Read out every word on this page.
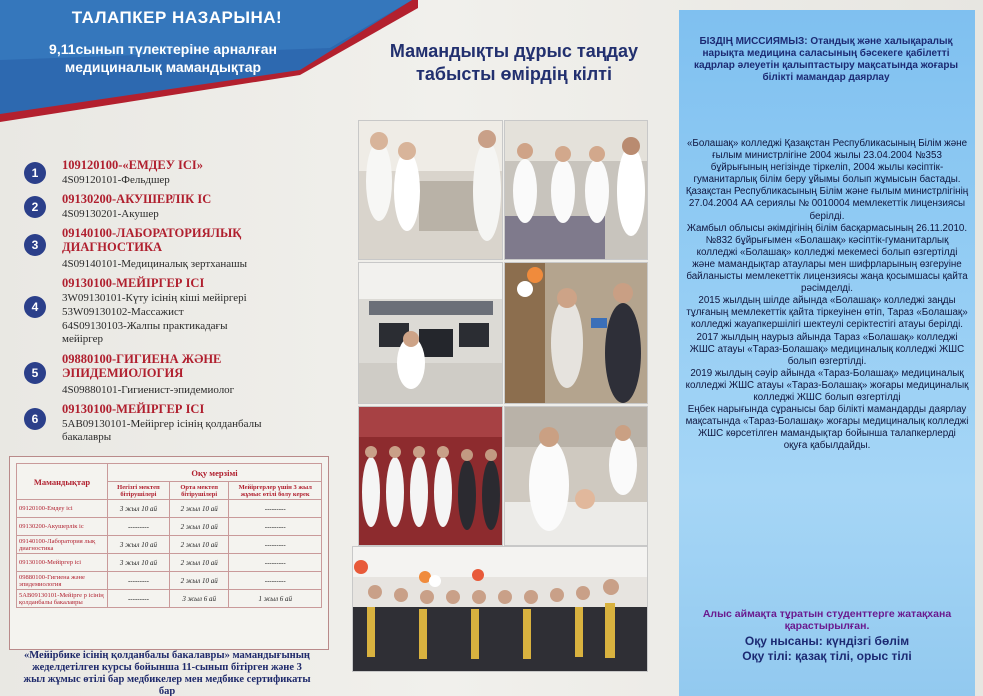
ТАЛАПКЕР НАЗАРЫНА!
9,11сынып түлектеріне арналған медициналық мамандықтар
1
109120100-«ЕМДЕУ ІСІ»
4S09120101-Фельдшер
2
09130200-АКУШЕРЛІК ІС
4S09130201-Акушер
3
09140100-ЛАБОРАТОРИЯЛЫҚ ДИАГНОСТИКА
4S09140101-Медициналық зертханашы
4
09130100-МЕЙІРГЕР ІСІ
3W09130101-Күту ісінің кіші мейіргері
53W09130102-Массажист
64S09130103-Жалпы практикадағы мейіргер
5
09880100-ГИГИЕНА ЖӘНЕ ЭПИДЕМИОЛОГИЯ
4S09880101-Гигиенист-эпидемиолог
6
09130100-МЕЙІРГЕР ІСІ
5AB09130101-Мейіргер ісінің қолданбалы бакалавры
Мамандықтар	Оқу мерзімі		
	Негізгі мектеп бітірушілері	Орта мектеп бітірушілері	Мейіргерлер үшін 3 жыл жұмыс өтілі болу керек
09120100-Емдеу ісі	3 жыл 10 ай	2 жыл 10 ай	---------
09130200-Акушерлік іс	---------	2 жыл 10 ай	---------
09140100-Лаборатория лық диагностика	3 жыл 10 ай	2 жыл 10 ай	---------
09130100-Мейіргер ісі	3 жыл 10 ай	2 жыл 10 ай	---------
09880100-Гигиена және эпидемиология	---------	2 жыл 10 ай	---------
5AB09130101-Мейірге р ісінің қолданбалы бакалавры	---------	3 жыл 6 ай	1 жыл 6 ай
«Мейірбике ісінің қолданбалы бакалавры» мамандығының жеделдетілген курсы бойынша 11-сынып бітірген және 3 жыл жұмыс өтілі бар медбикелер мен медбике сертификаты бар
Мамандықты дұрыс таңдау табысты өмірдің кілті
БІЗДІҢ МИССИЯМЫЗ: Отандық және халықаралық нарықта медицина саласының бәсекеге қабілетті кадрлар әлеуетін қалыптастыру мақсатында жоғары білікті мамандар даярлау

«Болашақ» колледжі Қазақстан Республикасының Білім және ғылым министрлігіне 2004 жылы 23.04.2004 №353 бұйрығының негізінде тіркеліп, 2004 жылы кәсіптік-гуманитарлық білім беру ұйымы болып жұмысын бастады. Қазақстан Республикасының Білім және ғылым министрлігінің 27.04.2004 АА сериялы № 0010004 мемлекеттік лицензиясы берілді.

Жамбыл облысы әкімдігінің білім басқармасының 26.11.2010. №832 бұйрығымен «Болашақ» кәсіптік-гуманитарлық колледжі «Болашақ» колледжі мекемесі болып өзгертілді және мамандықтар атаулары мен шифрларының өзгеруіне байланысты мемлекеттік лицензиясы жаңа қосымшасы қайта рәсімделді.

2015 жылдың шілде айында «Болашақ» колледжі заңды тұлғаның мемлекеттік қайта тіркеуінен өтіп, Тараз «Болашақ» колледжі жауапкершілігі шектеулі серіктестігі атауы берілді.

2017 жылдың наурыз айында Тараз «Болашақ» колледжі ЖШС атауы «Тараз-Болашақ» медициналық колледжі ЖШС болып өзгертілді.

2019 жылдың сәуір айында «Тараз-Болашақ» медициналық колледжі ЖШС атауы «Тараз-Болашақ» жоғары медициналық колледжі ЖШС болып өзгертілді

Еңбек нарығында сұранысы бар білікті мамандарды даярлау мақсатында «Тараз-Болашақ» жоғары медициналық колледжі ЖШС көрсетілген мамандықтар бойынша талапкерлерді оқуға қабылдайды.

Алыс аймақта тұратын студенттерге жатақхана қарастырылған.
Оқу нысаны: күндізгі бөлім
Оқу тілі: қазақ тілі, орыс тілі
